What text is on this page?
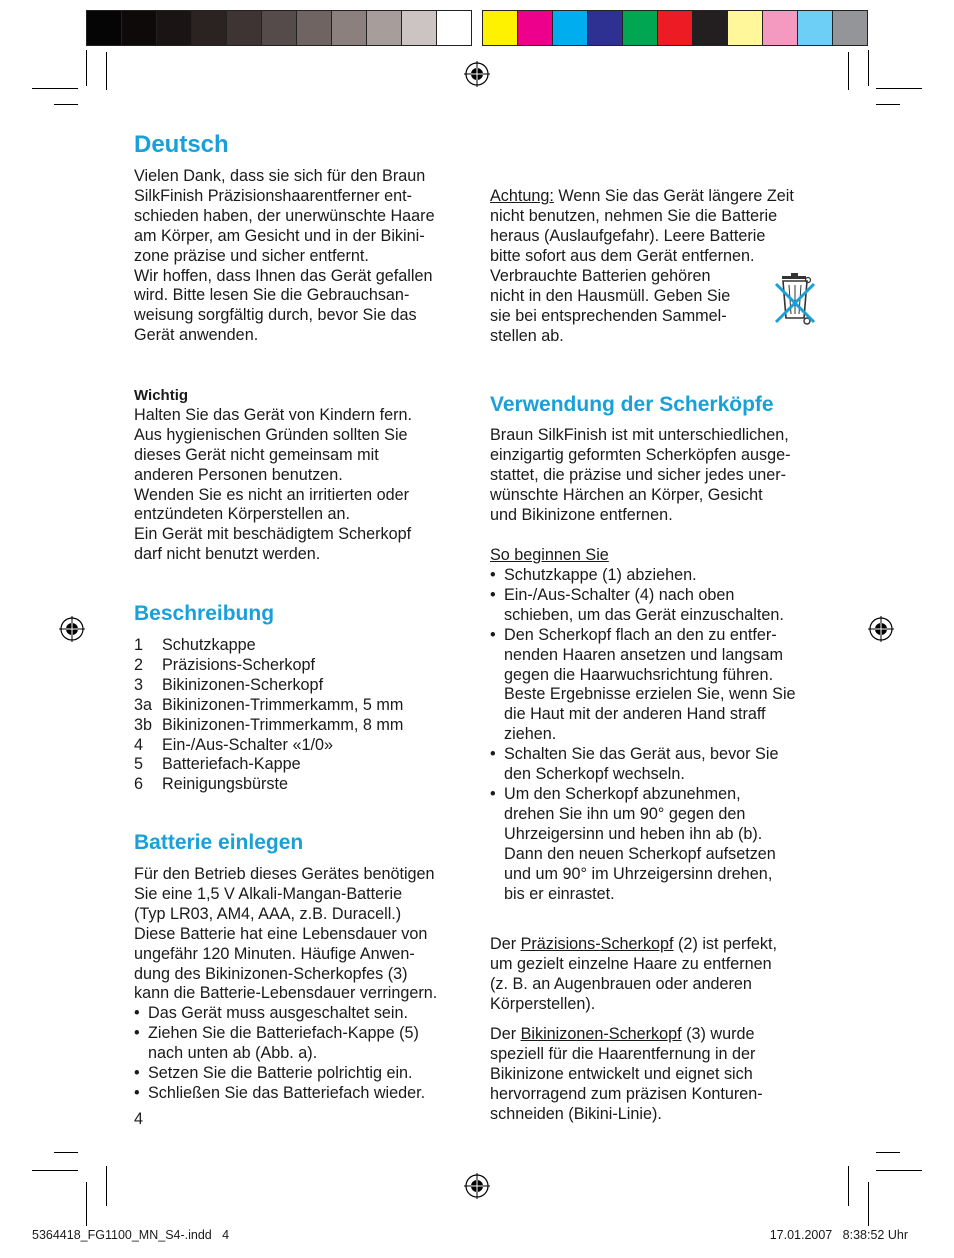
Deutsch

Vielen Dank, dass sie sich für den Braun
SilkFinish Präzisionshaarentferner ent-
schieden haben, der unerwünschte Haare
am Körper, am Gesicht und in der Bikini-
zone präzise und sicher entfernt.
Wir hoffen, dass Ihnen das Gerät gefallen
wird. Bitte lesen Sie die Gebrauchsan-
weisung sorgfältig durch, bevor Sie das
Gerät anwenden.

Wichtig

Halten Sie das Gerät von Kindern fern.
Aus hygienischen Gründen sollten Sie
dieses Gerät nicht gemeinsam mit
anderen Personen benutzen.
Wenden Sie es nicht an irritierten oder
entzündeten Körperstellen an.
Ein Gerät mit beschädigtem Scherkopf
darf nicht benutzt werden.

Beschreibung
1	Schutzkappe
2	Präzisions-Scherkopf
3	Bikinizonen-Scherkopf
3a	Bikinizonen-Trimmerkamm, 5 mm
3b	Bikinizonen-Trimmerkamm, 8 mm
4	Ein-/Aus-Schalter «1/0»
5	Batteriefach-Kappe
6	Reinigungsbürste
Batterie einlegen

Für den Betrieb dieses Gerätes benötigen
Sie eine 1,5 V Alkali-Mangan-Batterie
(Typ LR03, AM4, AAA, z.B. Duracell.)
Diese Batterie hat eine Lebensdauer von
ungefähr 120 Minuten. Häufige Anwen-
dung des Bikinizonen-Scherkopfes (3)
kann die Batterie-Lebensdauer verringern.

• Das Gerät muss ausgeschaltet sein.
• Ziehen Sie die Batteriefach-Kappe (5)
nach unten ab (Abb. a).
• Setzen Sie die Batterie polrichtig ein.
• Schließen Sie das Batteriefach wieder.
4

Achtung: Wenn Sie das Gerät längere Zeit

nicht benutzen, nehmen Sie die Batterie
heraus (Auslaufgefahr). Leere Batterie
bitte sofort aus dem Gerät entfernen.

Verbrauchte Batterien gehören
nicht in den Hausmüll. Geben Sie
sie bei entsprechenden Sammel-
stellen ab.

Verwendung der Scherköpfe

Braun SilkFinish ist mit unterschiedlichen,
einzigartig geformten Scherköpfen ausge-
stattet, die präzise und sicher jedes uner-
wünschte Härchen an Körper, Gesicht
und Bikinizone entfernen.

So beginnen Sie
• Schutzkappe (1) abziehen.
• Ein-/Aus-Schalter (4) nach oben
schieben, um das Gerät einzuschalten.
• Den Scherkopf flach an den zu entfer-
nenden Haaren ansetzen und langsam
gegen die Haarwuchsrichtung führen.
Beste Ergebnisse erzielen Sie, wenn Sie
die Haut mit der anderen Hand straff
ziehen.
• Schalten Sie das Gerät aus, bevor Sie
den Scherkopf wechseln.
• Um den Scherkopf abzunehmen,
drehen Sie ihn um 90° gegen den
Uhrzeigersinn und heben ihn ab (b).
Dann den neuen Scherkopf aufsetzen
und um 90° im Uhrzeigersinn drehen,
bis er einrastet.

Der Präzisions-Scherkopf (2) ist perfekt,

um gezielt einzelne Haare zu entfernen
(z. B. an Augenbrauen oder anderen
Körperstellen).

Der Bikinizonen-Scherkopf (3) wurde

speziell für die Haarentfernung in der
Bikinizone entwickelt und eignet sich
hervorragend zum präzisen Konturen-
schneiden (Bikini-Linie).

5364418_FG1100_MN_S4-.indd   4	17.01.2007   8:38:52 Uhr
